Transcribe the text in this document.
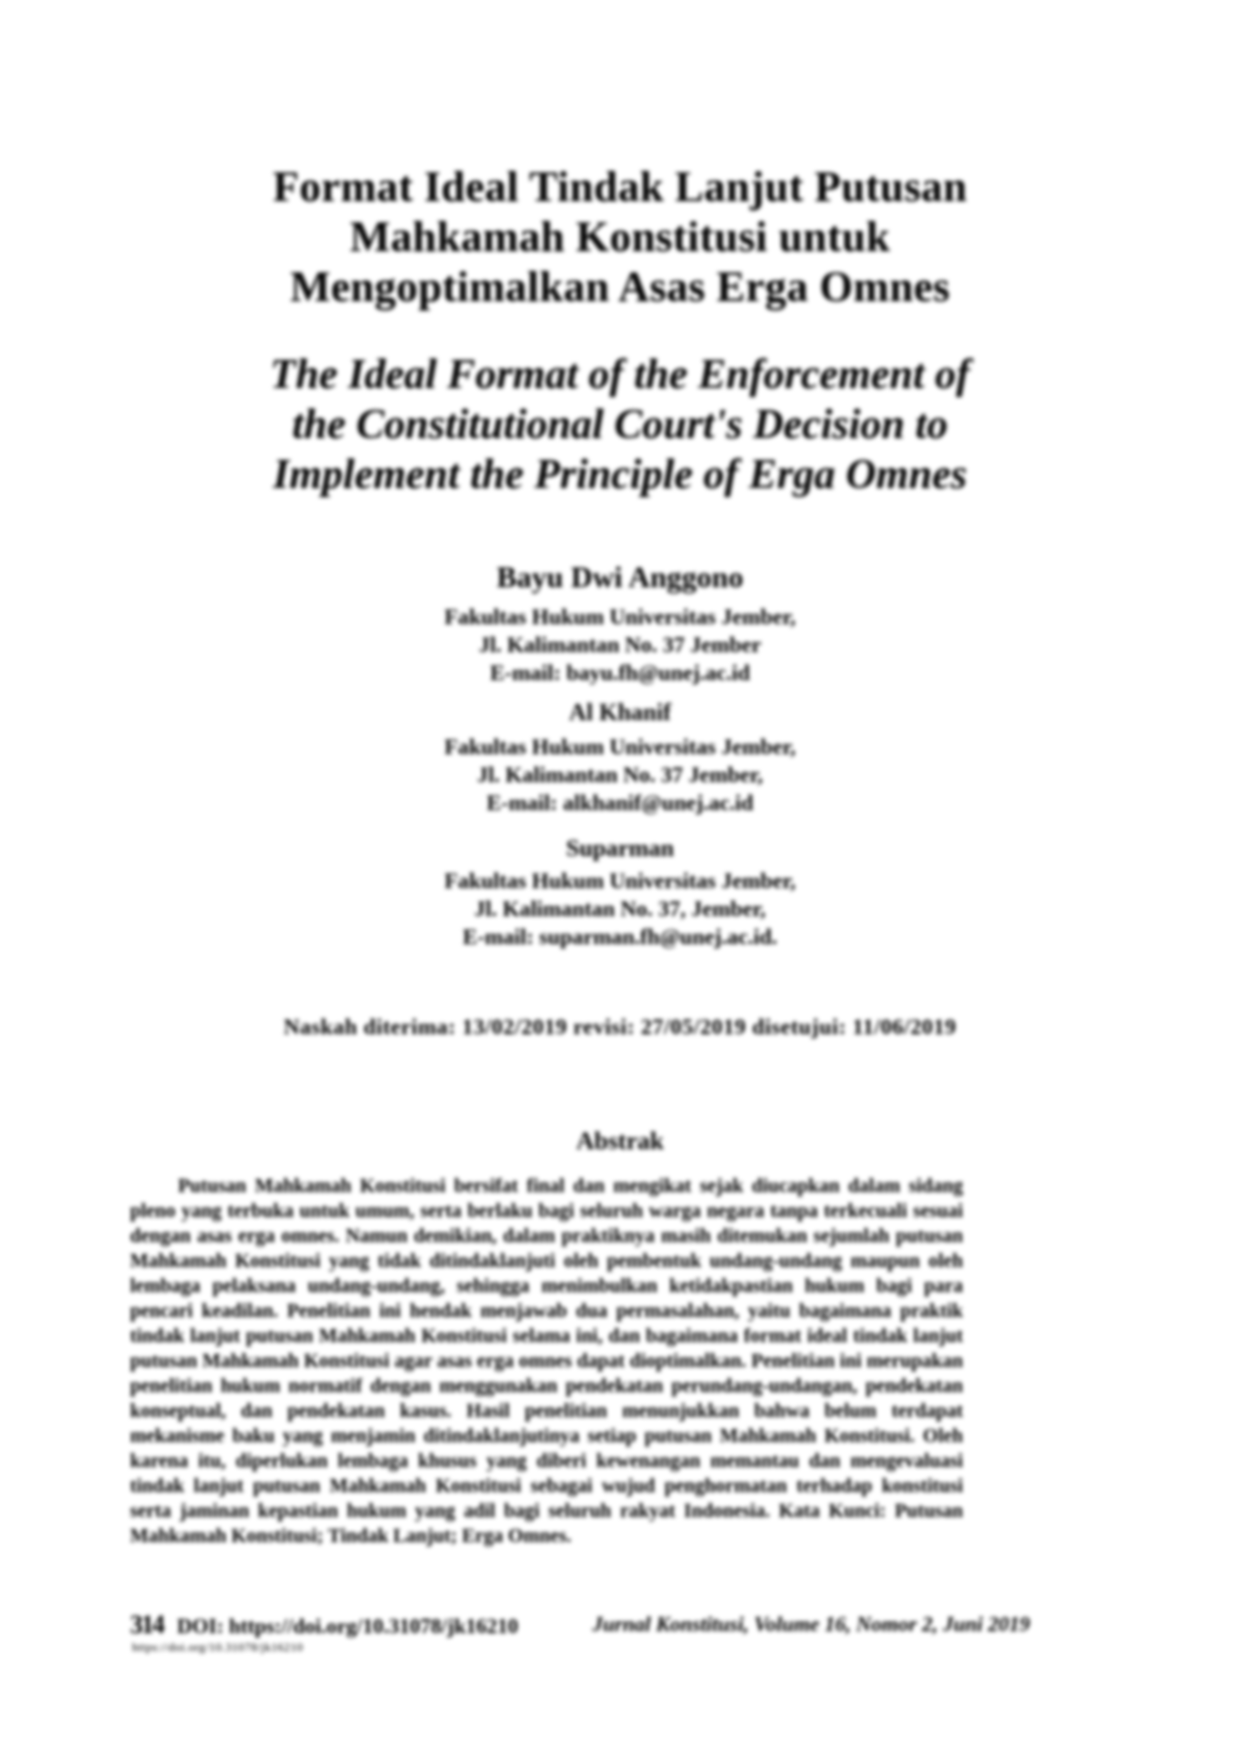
Format Ideal Tindak Lanjut Putusan
Mahkamah Konstitusi untuk
Mengoptimalkan Asas Erga Omnes
The Ideal Format of the Enforcement of
the Constitutional Court's Decision to
Implement the Principle of Erga Omnes
Bayu Dwi Anggono
Fakultas Hukum Universitas Jember,
Jl. Kalimantan No. 37 Jember
E-mail: bayu.fh@unej.ac.id
Al Khanif
Fakultas Hukum Universitas Jember,
Jl. Kalimantan No. 37 Jember,
E-mail: alkhanif@unej.ac.id
Suparman
Fakultas Hukum Universitas Jember,
Jl. Kalimantan No. 37, Jember,
E-mail: suparman.fh@unej.ac.id.
Naskah diterima: 13/02/2019 revisi: 27/05/2019 disetujui: 11/06/2019
Abstrak
Putusan Mahkamah Konstitusi bersifat final dan mengikat sejak diucapkan dalam sidang pleno yang terbuka untuk umum, serta berlaku bagi seluruh warga negara tanpa terkecuali sesuai dengan asas erga omnes. Namun demikian, dalam praktiknya masih ditemukan sejumlah putusan Mahkamah Konstitusi yang tidak ditindaklanjuti oleh pembentuk undang-undang maupun oleh lembaga pelaksana undang-undang, sehingga menimbulkan ketidakpastian hukum bagi para pencari keadilan. Penelitian ini hendak menjawab dua permasalahan, yaitu bagaimana praktik tindak lanjut putusan Mahkamah Konstitusi selama ini, dan bagaimana format ideal tindak lanjut putusan Mahkamah Konstitusi agar asas erga omnes dapat dioptimalkan. Penelitian ini merupakan penelitian hukum normatif dengan menggunakan pendekatan perundang-undangan, pendekatan konseptual, dan pendekatan kasus. Hasil penelitian menunjukkan bahwa belum terdapat mekanisme baku yang menjamin ditindaklanjutinya setiap putusan Mahkamah Konstitusi. Oleh karena itu, diperlukan lembaga khusus yang diberi kewenangan memantau dan mengevaluasi tindak lanjut putusan Mahkamah Konstitusi sebagai wujud penghormatan terhadap konstitusi serta jaminan kepastian hukum yang adil bagi seluruh rakyat Indonesia. Kata Kunci: Putusan Mahkamah Konstitusi; Tindak Lanjut; Erga Omnes.
314 DOI: https://doi.org/10.31078/jk16210
https://doi.org/10.31078/jk16210
Jurnal Konstitusi, Volume 16, Nomor 2, Juni 2019
